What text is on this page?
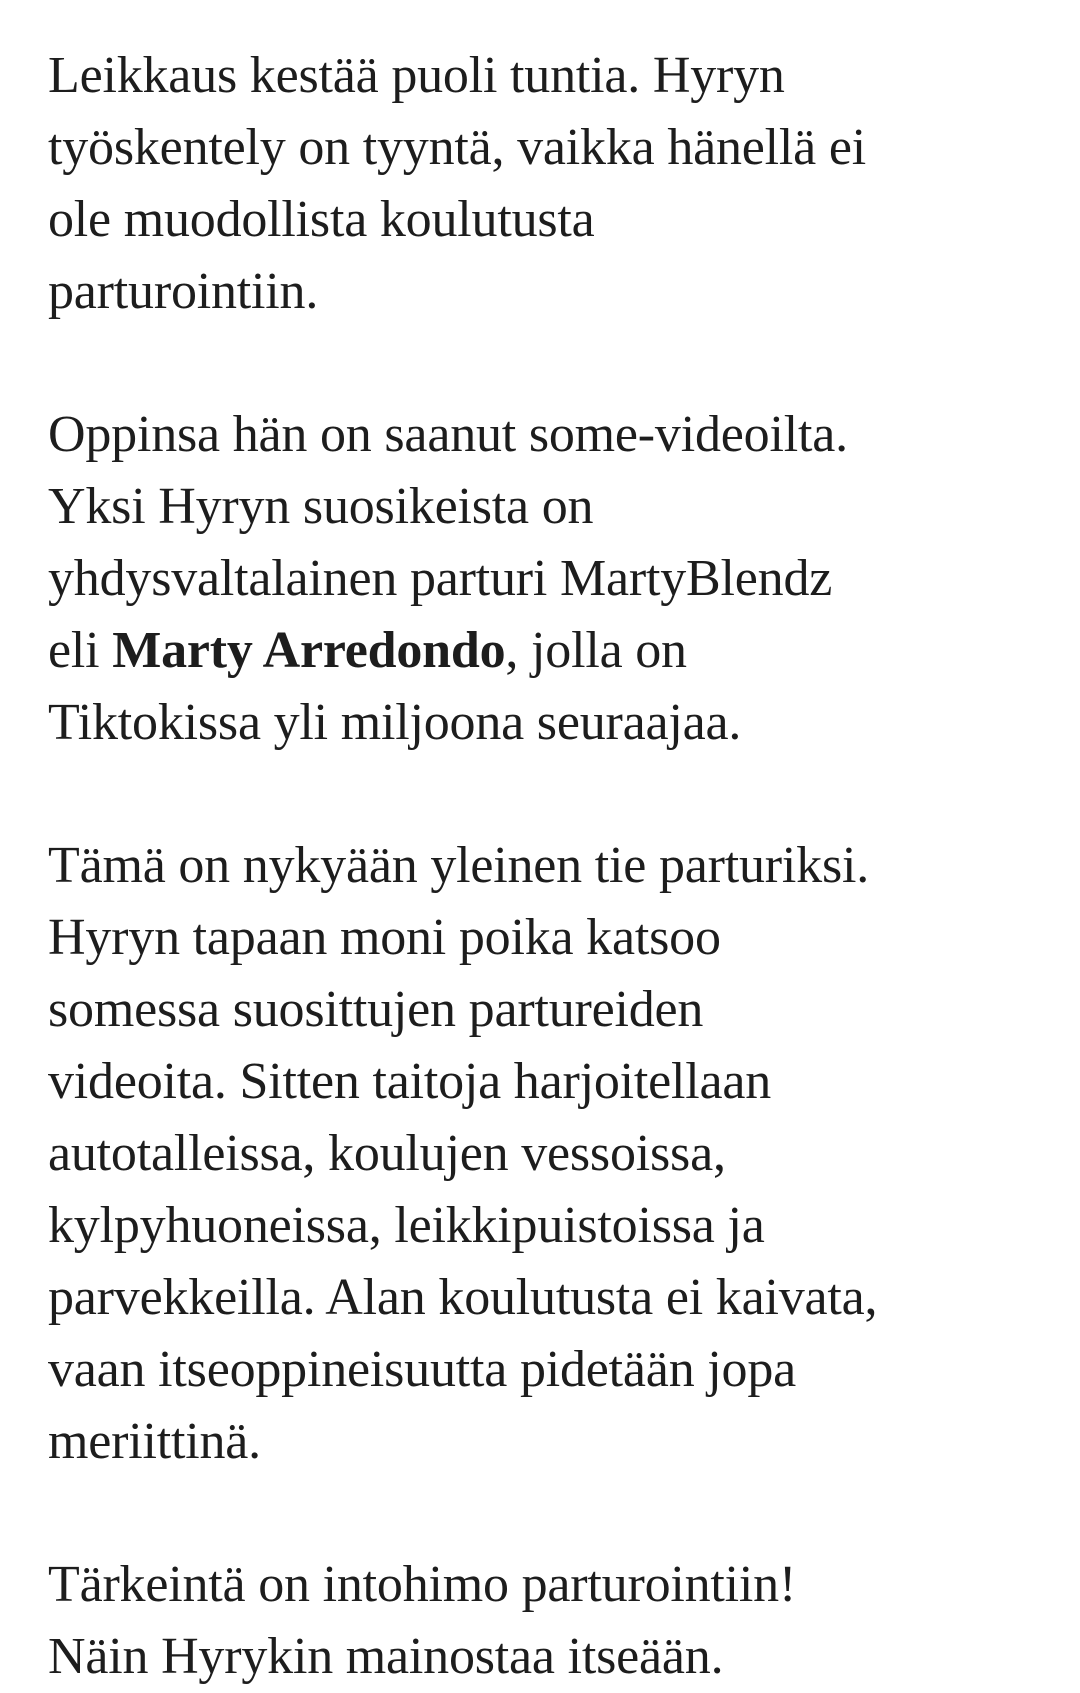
Leikkaus kestää puoli tuntia. Hyryn
työskentely on tyyntä, vaikka hänellä ei
ole muodollista koulutusta
parturointiin.

Oppinsa hän on saanut some-videoilta.
Yksi Hyryn suosikeista on
yhdysvaltalainen parturi MartyBlendz
eli Marty Arredondo, jolla on
Tiktokissa yli miljoona seuraajaa.

Tämä on nykyään yleinen tie parturiksi.
Hyryn tapaan moni poika katsoo
somessa suosittujen partureiden
videoita. Sitten taitoja harjoitellaan
autotalleissa, koulujen vessoissa,
kylpyhuoneissa, leikkipuistoissa ja
parvekkeilla. Alan koulutusta ei kaivata,
vaan itseoppineisuutta pidetään jopa
meriittinä.

Tärkeintä on intohimo parturointiin!
Näin Hyrykin mainostaa itseään.
